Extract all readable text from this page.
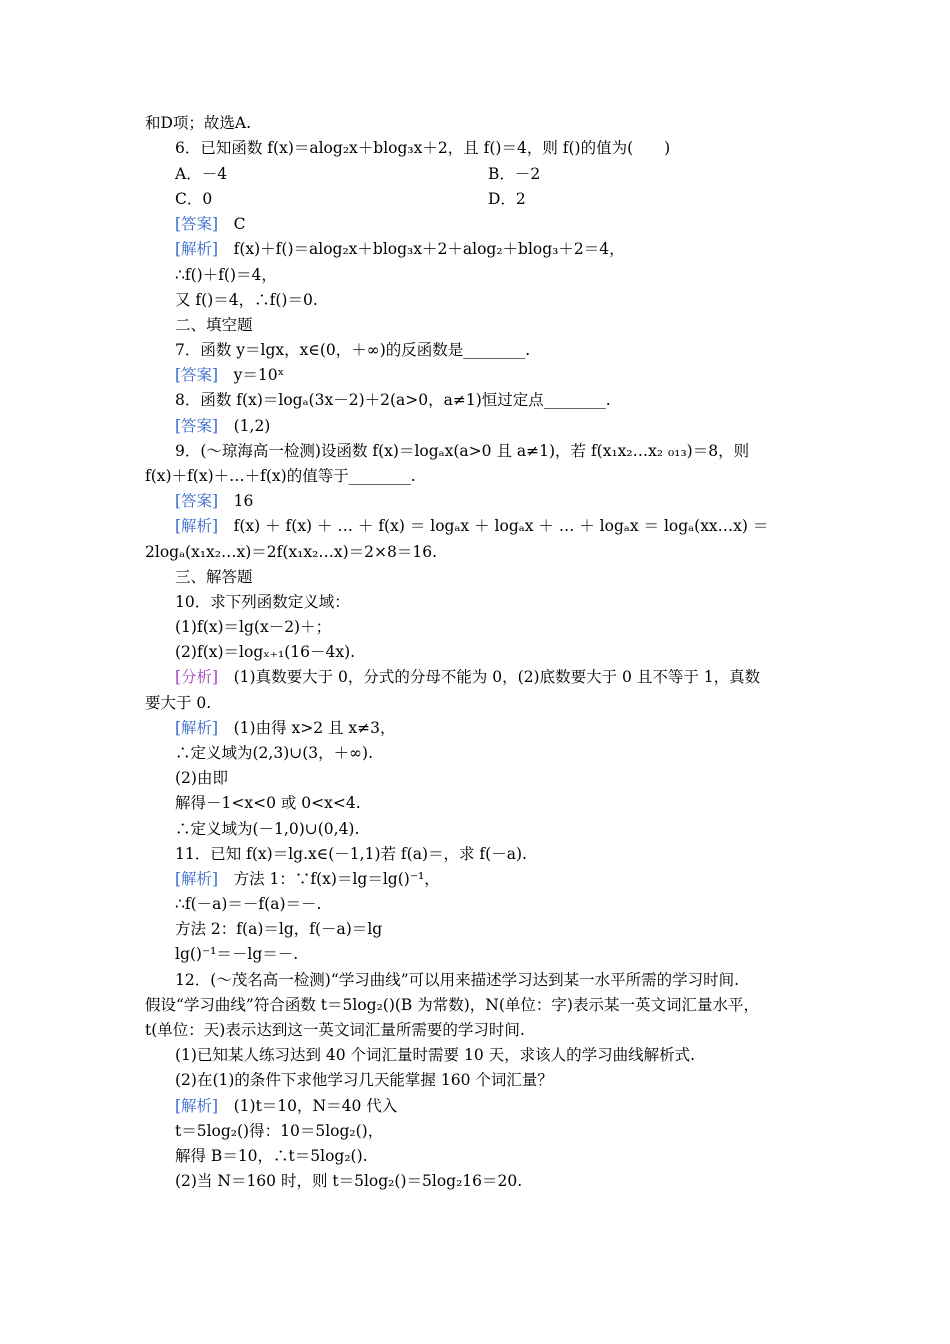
和D项；故选A.
6．已知函数 f(x)＝alog₂x＋blog₃x＋2，且 f()＝4，则 f()的值为(　　)
A．－4	B．－2
C．0	D．2
[答案]　C
[解析]　f(x)＋f()＝alog₂x＋blog₃x＋2＋alog₂＋blog₃＋2＝4，
∴f()＋f()＝4，
又 f()＝4，∴f()＝0.
二、填空题
7．函数 y＝lgx，x∈(0，＋∞)的反函数是________.
[答案]　y＝10ˣ
8．函数 f(x)＝logₐ(3x－2)＋2(a>0，a≠1)恒过定点________.
[答案]　(1,2)
9．(～琼海高一检测)设函数 f(x)＝logₐx(a>0 且 a≠1)，若 f(x₁x₂…x₂ ₀₁₃)＝8，则
f(x)＋f(x)＋…＋f(x)的值等于________.
[答案]　16
[解析]　f(x) ＋ f(x) ＋ … ＋ f(x) ＝ logₐx ＋ logₐx ＋ … ＋ logₐx ＝ logₐ(xx…x) ＝
2logₐ(x₁x₂…x)＝2f(x₁x₂…x)＝2×8＝16.
三、解答题
10．求下列函数定义域：
(1)f(x)＝lg(x－2)＋；
(2)f(x)＝logₓ₊₁(16－4x).
[分析]　(1)真数要大于 0，分式的分母不能为 0，(2)底数要大于 0 且不等于 1，真数
要大于 0.
[解析]　(1)由得 x>2 且 x≠3，
∴定义域为(2,3)∪(3，＋∞).
(2)由即
解得－1<x<0 或 0<x<4.
∴定义域为(－1,0)∪(0,4).
11．已知 f(x)＝lg.x∈(－1,1)若 f(a)＝，求 f(－a).
[解析]　方法 1：∵f(x)＝lg＝lg()⁻¹，
∴f(－a)＝－f(a)＝－.
方法 2：f(a)＝lg，f(－a)＝lg
lg()⁻¹＝－lg＝－.
12．(～茂名高一检测)“学习曲线”可以用来描述学习达到某一水平所需的学习时间.
假设“学习曲线”符合函数 t＝5log₂()(B 为常数)，N(单位：字)表示某一英文词汇量水平，
t(单位：天)表示达到这一英文词汇量所需要的学习时间.
(1)已知某人练习达到 40 个词汇量时需要 10 天，求该人的学习曲线解析式.
(2)在(1)的条件下求他学习几天能掌握 160 个词汇量？
[解析]　(1)t＝10，N＝40 代入
t＝5log₂()得：10＝5log₂()，
解得 B＝10，∴t＝5log₂().
(2)当 N＝160 时，则 t＝5log₂()＝5log₂16＝20.
